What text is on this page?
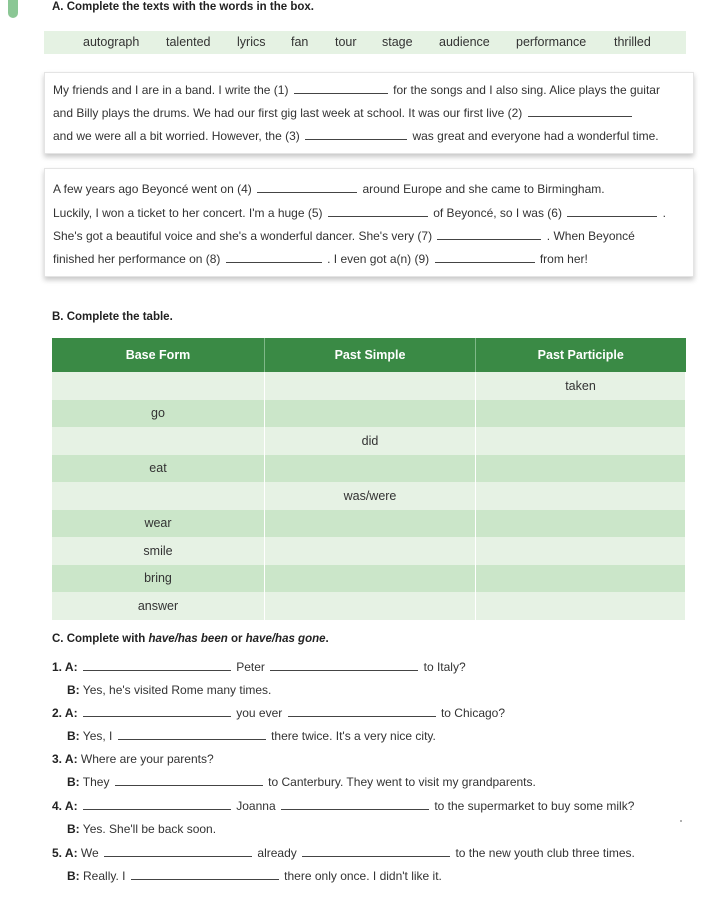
A. Complete the texts with the words in the box.
autograph talented lyrics fan tour stage audience performance thrilled
My friends and I are in a band. I write the (1)	for the songs and I also sing. Alice plays the guitar
and Billy plays the drums. We had our first gig last week at school. It was our first live (2)
and we were all a bit worried. However, the (3)	was great and everyone had a wonderful time.
A few years ago Beyoncé went on (4)	around Europe and she came to Birmingham.
Luckily, I won a ticket to her concert. I'm a huge (5)	of Beyoncé, so I was (6)	.
She's got a beautiful voice and she's a wonderful dancer. She's very (7)	. When Beyoncé
finished her performance on (8)	. I even got a(n) (9)	from her!
B. Complete the table.
Base Form	Past Simple	Past Participle
		taken
go		
	did	
eat		
	was/were	
wear		
smile		
bring		
answer		
C. Complete with have/has been or have/has gone.
1. A:	Peter	to Italy?
B: Yes, he's visited Rome many times.
2. A:	you ever	to Chicago?
B: Yes, I	there twice. It's a very nice city.
3. A: Where are your parents?
B: They	to Canterbury. They went to visit my grandparents.
4. A:	Joanna	to the supermarket to buy some milk?
B: Yes. She'll be back soon.
5. A: We	already	to the new youth club three times.
B: Really. I	there only once. I didn't like it.
